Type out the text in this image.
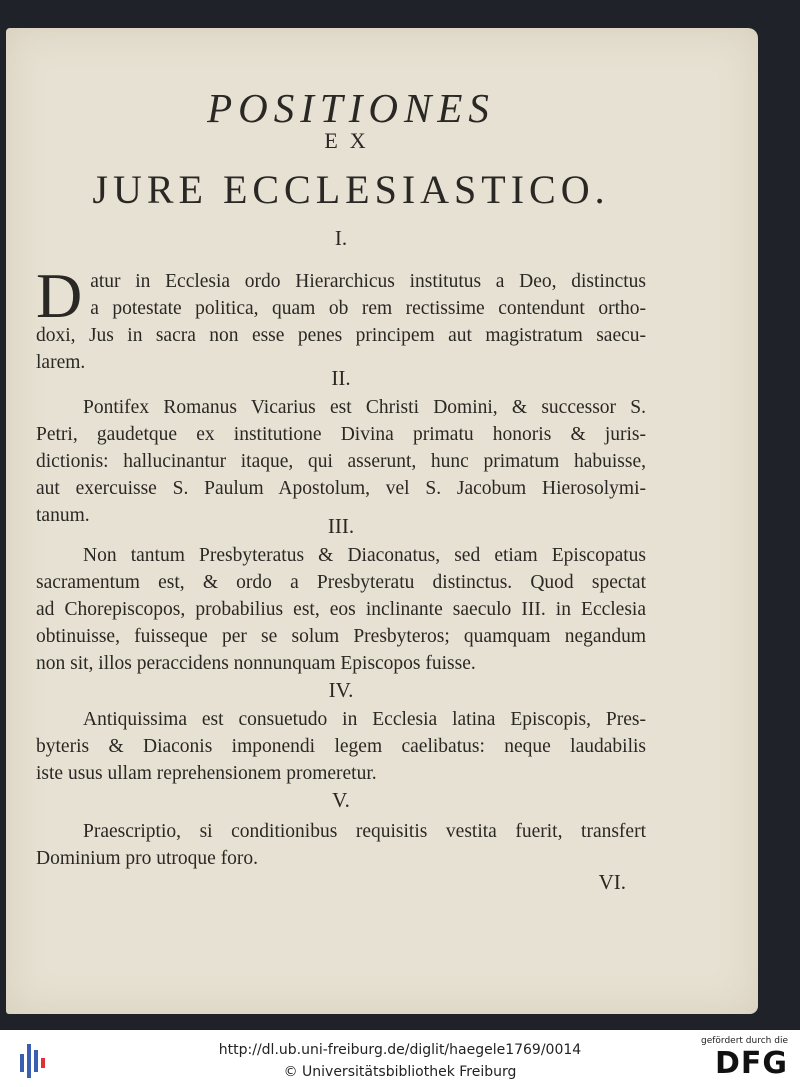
POSITIONES
EX
JURE ECCLESIASTICO.
I.
D atur in Ecclesia ordo Hierarchicus institutus a Deo, distinctus
a potestate politica, quam ob rem rectissime contendunt ortho-
doxi, Jus in sacra non esse penes principem aut magistratum saecu-
larem.
II.
Pontifex Romanus Vicarius est Christi Domini, & successor S.
Petri, gaudetque ex institutione Divina primatu honoris & juris-
dictionis: hallucinantur itaque, qui asserunt, hunc primatum habuisse,
aut exercuisse S. Paulum Apostolum, vel S. Jacobum Hierosolymi-
tanum.	III.
Non tantum Presbyteratus & Diaconatus, sed etiam Episcopatus
sacramentum est, & ordo a Presbyteratu distinctus. Quod spectat
ad Chorepiscopos, probabilius est, eos inclinante saeculo III. in Ecclesia
obtinuisse, fuisseque per se solum Presbyteros; quamquam negandum
non sit, illos peraccidens nonnunquam Episcopos fuisse.
IV.
Antiquissima est consuetudo in Ecclesia latina Episcopis, Pres-
byteris & Diaconis imponendi legem caelibatus: neque laudabilis
iste usus ullam reprehensionem promeretur.
V.
Praescriptio, si conditionibus requisitis vestita fuerit, transfert
Dominium pro utroque foro.
VI.
http://dl.ub.uni-freiburg.de/diglit/haegele1769/0014
© Universitätsbibliothek Freiburg
gefördert durch die
DFG
